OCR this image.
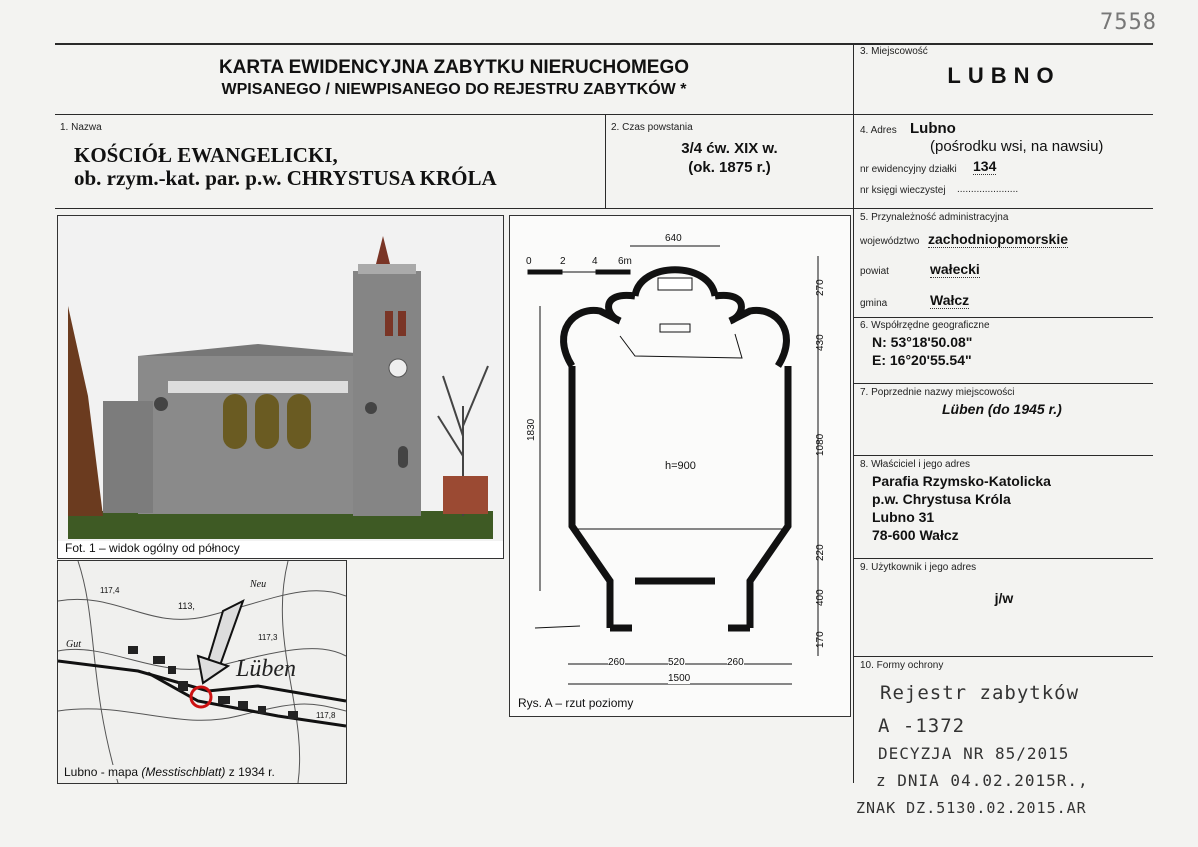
7558
KARTA EWIDENCYJNA ZABYTKU NIERUCHOMEGO
WPISANEGO / NIEWPISANEGO DO REJESTRU ZABYTKÓW *
3. Miejscowość
LUBNO
1. Nazwa
KOŚCIÓŁ EWANGELICKI,
ob. rzym.-kat. par. p.w. CHRYSTUSA KRÓLA
2. Czas powstania
3/4 ćw. XIX w.
(ok. 1875 r.)
4. Adres Lubno
(pośrodku wsi, na nawsiu)
nr ewidencyjny działki 134
nr księgi wieczystej ......................
5. Przynależność administracyjna
województwo zachodniopomorskie
powiat	wałecki
gmina	Wałcz
6. Współrzędne geograficzne
N: 53°18'50.08"
E: 16°20'55.54"
7. Poprzednie nazwy miejscowości
Lüben (do 1945 r.)
8. Właściciel i jego adres
Parafia Rzymsko-Katolicka
p.w. Chrystusa Króla
Lubno 31
78-600 Wałcz
9. Użytkownik i jego adres
j/w
10. Formy ochrony
Rejestr zabytków
A -1372
DECYZJA NR 85/2015
z DNIA 04.02.2015R.,
ZNAK DZ.5130.02.2015.AR
Fot. 1 – widok ogólny od północy
Lüben
113,
117,4
117,3
117,8
Gut
Neu
Lubno - mapa (Messtischblatt) z 1934 r.
0	2	4 6m
640
1830
270
430
1080
220
400
170
h=900
260	520	260
1500
Rys. A – rzut poziomy
